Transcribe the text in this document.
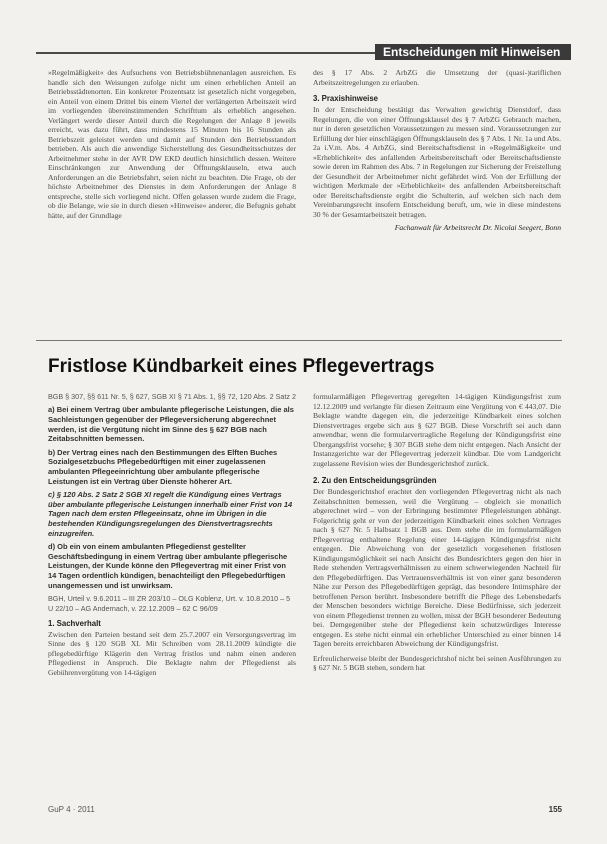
Entscheidungen mit Hinweisen

»Regelmäßigkeit« des Aufsuchens von Betriebsbühnenanlagen ausreichen. Es handle sich den Weisungen zufolge nicht um einen erheblichen Anteil an Betriebsstädtenorten. Ein konkreter Prozentsatz ist gesetzlich nicht vorgegeben, ein Anteil von einem Drittel bis einem Viertel der verlängerten Arbeitszeit wird im vorliegenden übereinstimmenden Schrifttum als erheblich angesehen. Verlängert werde dieser Anteil durch die Regelungen der Anlage 8 jeweils erreicht, was dazu führt, dass mindestens 15 Minuten bis 16 Stunden als Betriebszeit geleistet werden und damit auf Stunden den Betriebsstandort betrieben. Als auch die anwendige Sicherstellung des Gesundheitsschutzes der Arbeitnehmer stehe in der AVR DW EKD deutlich hinsichtlich dessen. Weitere Einschränkungen zur Anwendung der Öffnungsklauseln, etwa auch Anforderungen an die Betriebsfahrt, seien nicht zu beachten. Die Frage, ob der höchste Arbeitnehmer des Dienstes in dem Anforderungen der Anlage 8 entspreche, stelle sich vorliegend nicht. Offen gelassen wurde zudem die Frage, ob die Belange, wie sie in durch diesen »Hinweise« anderer, die Befugnis gehabt hätte, auf der Grundlage

des § 17 Abs. 2 ArbZG die Umsetzung der (quasi-)tariflichen Arbeitszeitregelungen zu erlauben.

3. Praxishinweise

In der Entscheidung bestätigt das Verwalten gewichtig Dienstdorf, dass Regelungen, die von einer Öffnungsklausel des § 7 ArbZG Gebrauch machen, nur in deren gesetzlichen Voraussetzungen zu messen sind. Voraussetzungen zur Erfüllung der hier einschlägigen Öffnungsklauseln des § 7 Abs. 1 Nr. 1a und Abs. 2a i.V.m. Abs. 4 ArbZG, sind Bereitschaftsdienst in »Regelmäßigkeit« und »Erheblichkeit« des anfallenden Arbeitsbereitschaft oder Bereitschaftsdienste sowie deren im Rahmen des Abs. 7 in Regelungen zur Sicherung der Freistellung der Gesundheit der Arbeitnehmer nicht gefährdet wird. Von der Erfüllung der wichtigen Merkmale der »Erheblichkeit« des anfallenden Arbeitsbereitschaft oder Bereitschaftsdienste ergibt die Schulterin, auf welchen sich nach dem Vereinbarungsrecht insofern Entscheidung beruft, um, wie in diese mindestens 30 % der Gesamtarbeitszeit betragen.

Fachanwalt für Arbeitsrecht Dr. Nicolai Seegert, Bonn

Fristlose Kündbarkeit eines Pflegevertrags

BGB § 307, §§ 611 Nr. 5, § 627, SGB XI § 71 Abs. 1, §§ 72, 120 Abs. 2 Satz 2

a) Bei einem Vertrag über ambulante pflegerische Leistungen, die als Sachleistungen gegenüber der Pflegeversicherung abgerechnet werden, ist die Vergütung nicht im Sinne des § 627 BGB nach Zeitabschnitten bemessen.

b) Der Vertrag eines nach den Bestimmungen des Elften Buches Sozialgesetzbuchs Pflegebedürftigen mit einer zugelassenen ambulanten Pflegeeinrichtung über ambulante pflegerische Leistungen ist ein Vertrag über Dienste höherer Art.

c) § 120 Abs. 2 Satz 2 SGB XI regelt die Kündigung eines Vertrags über ambulante pflegerische Leistungen innerhalb einer Frist von 14 Tagen nach dem ersten Pflegeeinsatz, ohne im Übrigen in die bestehenden Kündigungsregelungen des Dienstvertragsrechts einzugreifen.

d) Ob ein von einem ambulanten Pflegedienst gestellter Geschäftsbedingung in einem Vertrag über ambulante pflegerische Leistungen, der Kunde könne den Pflegevertrag mit einer Frist von 14 Tagen ordentlich kündigen, benachteiligt den Pflegebedürftigen unangemessen und ist unwirksam.

BGH, Urteil v. 9.6.2011 – III ZR 203/10 – OLG Koblenz, Urt. v. 10.8.2010 – 5 U 22/10 – AG Andernach, v. 22.12.2009 – 62 C 96/09

1. Sachverhalt

Zwischen den Parteien bestand seit dem 25.7.2007 ein Versorgungsvertrag im Sinne des § 120 SGB XI. Mit Schreiben vom 28.11.2009 kündigte die pflegebedürftige Klägerin den Vertrag fristlos und nahm einen anderen Pflegedienst in Anspruch. Die Beklagte nahm der Pflegedienst als Gebührenvergütung von 14-tägigen

formularmäßigen Pflegevertrag geregelten 14-tägigen Kündigungsfrist zum 12.12.2009 und verlangte für diesen Zeitraum eine Vergütung von € 443,07. Die Beklagte wandte dagegen ein, die jederzeitige Kündbarkeit eines solchen Dienstvertrages ergebe sich aus § 627 BGB. Diese Vorschrift sei auch dann anwendbar, wenn die formularvertragliche Regelung der Kündigungsfrist eine Übergangsfrist vorsehe; § 307 BGB stehe dem nicht entgegen. Nach Ansicht der Instanzgerichte war der Pflegevertrag jederzeit kündbar. Die vom Landgericht zugelassene Revision wies der Bundesgerichtshof zurück.

2. Zu den Entscheidungsgründen

Der Bundesgerichtshof erachtet den vorliegenden Pflegevertrag nicht als nach Zeitabschnitten bemessen, weil die Vergütung – obgleich sie monatlich abgerechnet wird – von der Erbringung bestimmter Pflegeleistungen abhängt. Folgerichtig geht er von der jederzeitigen Kündbarkeit eines solchen Vertrages nach § 627 Nr. 5 Halbsatz 1 BGB aus. Dem stehe die im formularmäßigen Pflegevertrag enthaltene Regelung einer 14-tägigen Kündigungsfrist nicht entgegen. Die Abweichung von der gesetzlich vorgesehenen fristlosen Kündigungsmöglichkeit sei nach Ansicht des Bundesrichters gegen den hier in Rede stehenden Vertragsverhältnissen zu einem schwerwiegenden Nachteil für den Pflegebedürftigen. Das Vertrauensverhältnis ist von einer ganz besonderen Nähe zur Person des Pflegebedürftigen geprägt, das besondere Intimsphäre der betroffenen Person berührt. Insbesondere betrifft die Pflege des Lebensbedarfs der Menschen besonders wichtige Bereiche. Diese Bedürfnisse, sich jederzeit von einem Pflegedienst trennen zu wollen, misst der BGH besonderer Bedeutung bei. Demgegenüber stehe der Pflegedienst kein schutzwürdiges Interesse entgegen. Es stehe nicht einmal ein erheblicher Unterschied zu einer binnen 14 Tagen bereits erreichbaren Abweichung der Kündigungsfrist.

Erfreulicherweise bleibt der Bundesgerichtshof nicht bei seinen Ausführungen zu § 627 Nr. 5 BGB stehen, sondern hat

GuP 4 · 2011	155
